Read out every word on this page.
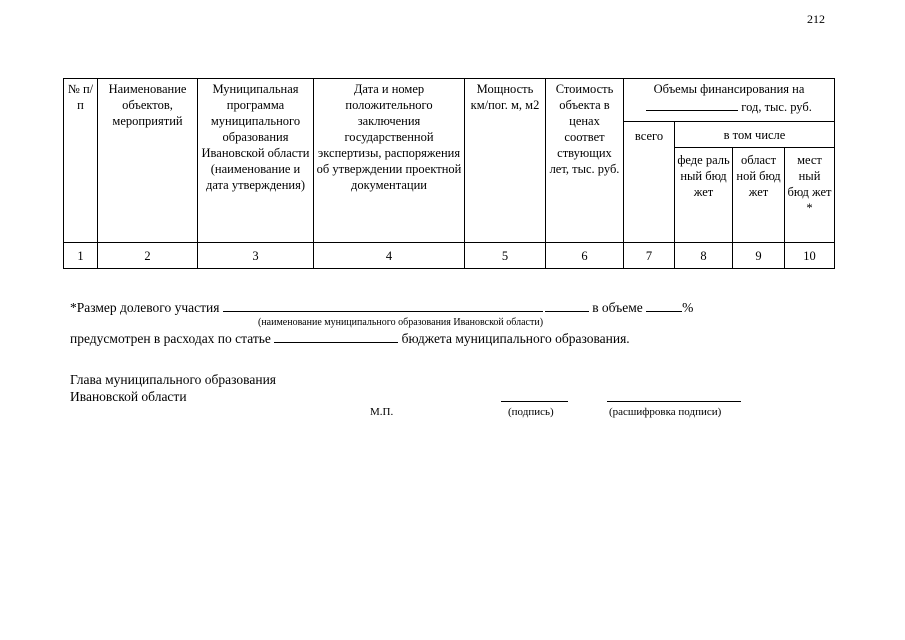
212
№ п/п	Наименование объектов, мероприятий	Муниципальная программа муниципального образования Ивановской области (наименование и дата утверждения)	Дата и номер положительного заключения государственной экспертизы, распоряжения об утверждении проектной документации	Мощность км/пог. м, м2	Стоимость объекта в ценах соответ ствующих лет, тыс. руб.	Объемы финансирования на
год, тыс. руб.			
						всего	в том числе		
							феде раль ный бюд жет	област ной бюд жет	мест ный бюд жет *
1	2	3	4	5	6	7	8	9	10
*Размер долевого участия	в объеме	%
(наименование муниципального образования Ивановской области)
предусмотрен в расходах по статье	бюджета муниципального образования.
Глава муниципального образования
Ивановской области
М.П.	(подпись)	(расшифровка подписи)
